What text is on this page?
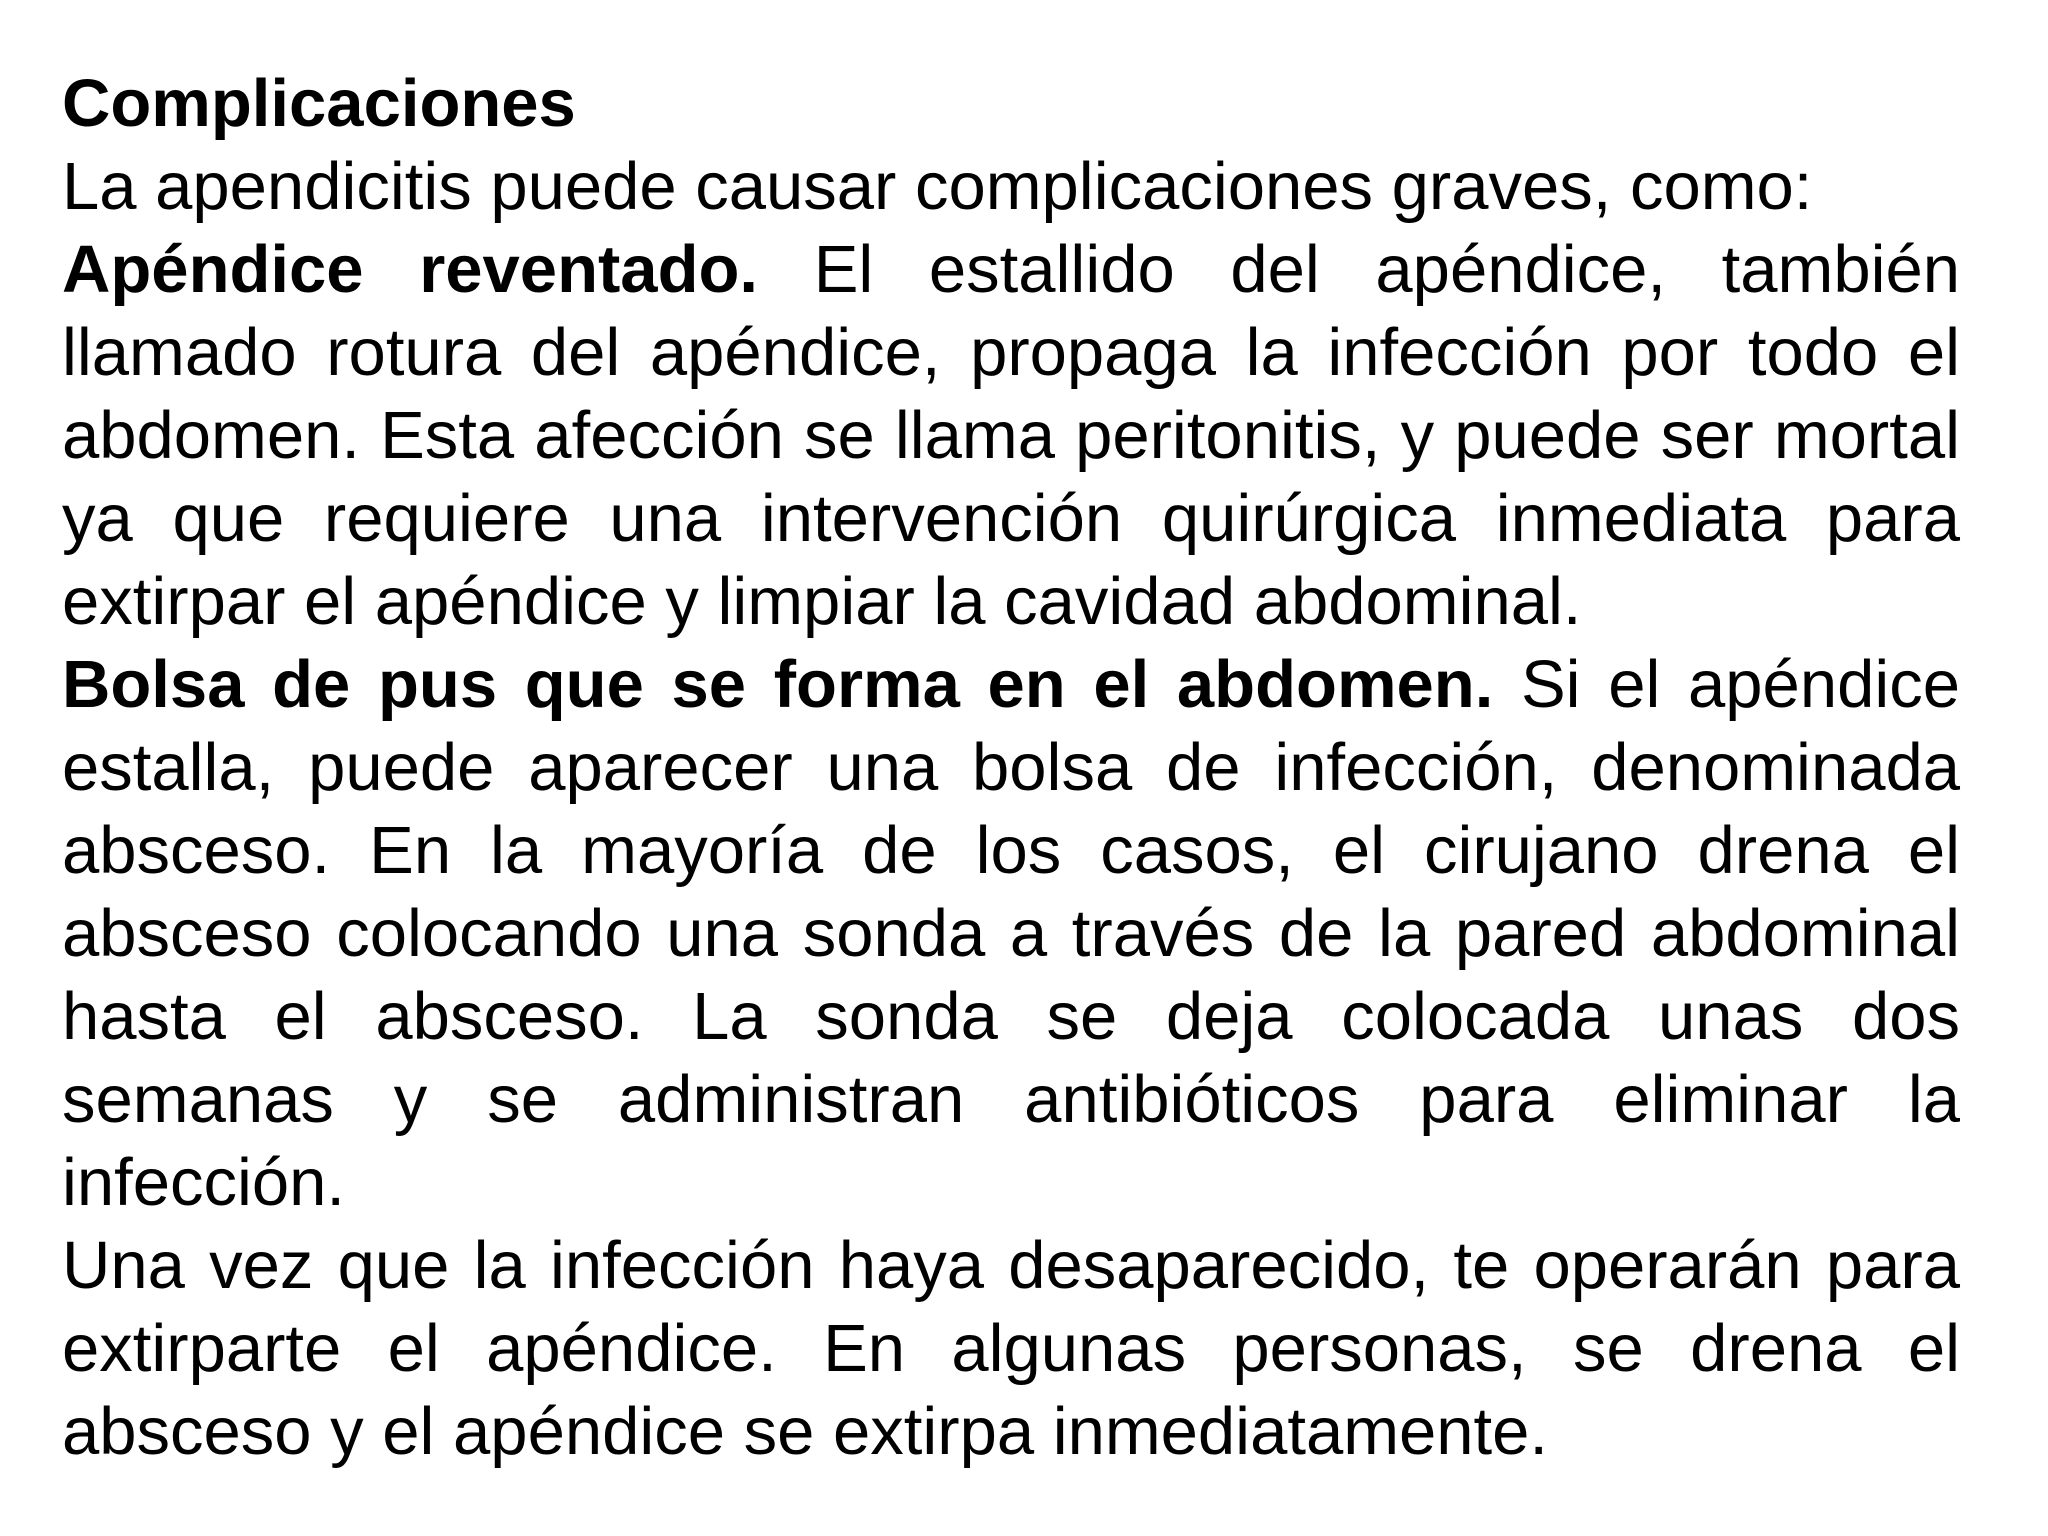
Complicaciones

La apendicitis puede causar complicaciones graves, como:

Apéndice reventado. El estallido del apéndice, también llamado rotura del apéndice, propaga la infección por todo el abdomen. Esta afección se llama peritonitis, y puede ser mortal ya que requiere una intervención quirúrgica inmediata para extirpar el apéndice y limpiar la cavidad abdominal.

Bolsa de pus que se forma en el abdomen. Si el apéndice estalla, puede aparecer una bolsa de infección, denominada absceso. En la mayoría de los casos, el cirujano drena el absceso colocando una sonda a través de la pared abdominal hasta el absceso. La sonda se deja colocada unas dos semanas y se administran antibióticos para eliminar la infección.

Una vez que la infección haya desaparecido, te operarán para extirparte el apéndice. En algunas personas, se drena el absceso y el apéndice se extirpa inmediatamente.
